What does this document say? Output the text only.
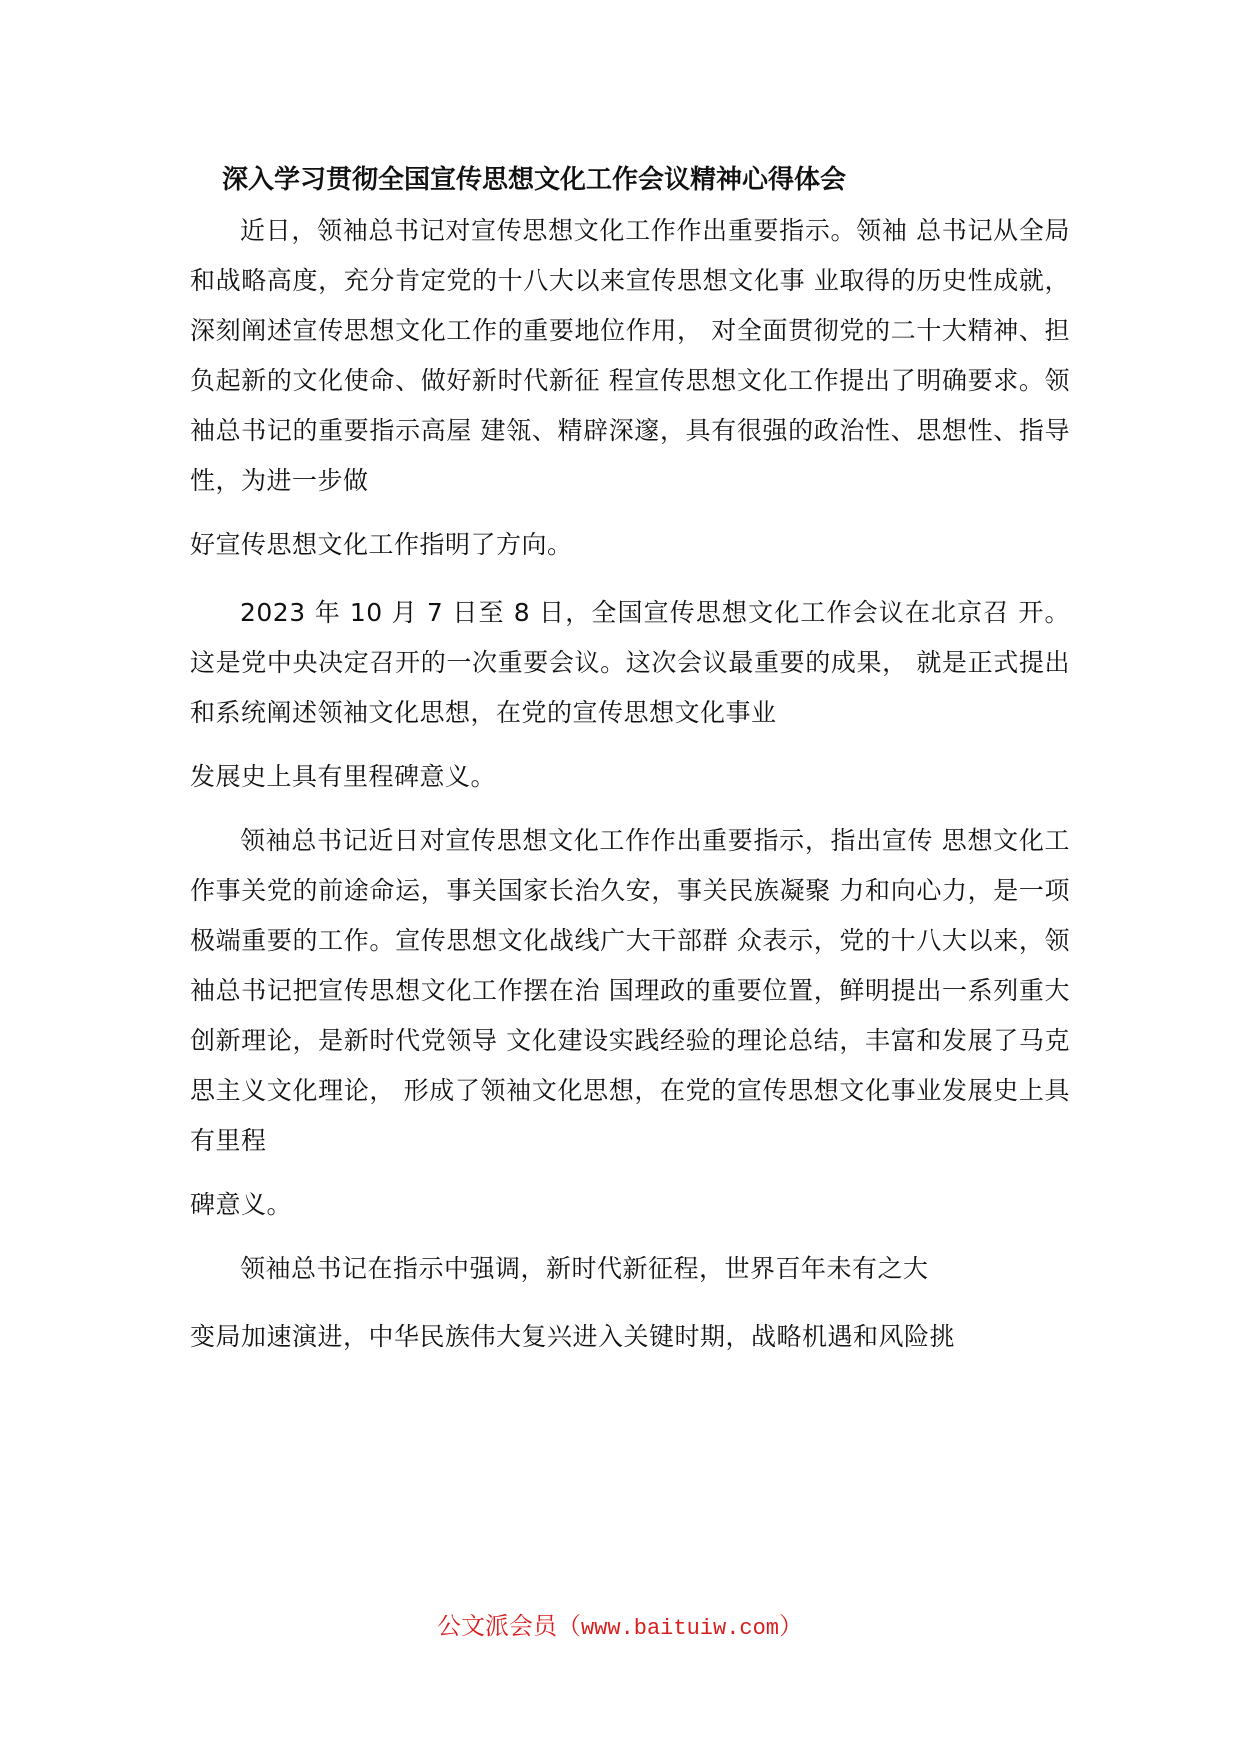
深入学习贯彻全国宣传思想文化工作会议精神心得体会

近日，领袖总书记对宣传思想文化工作作出重要指示。领袖 总书记从全局和战略高度，充分肯定党的十八大以来宣传思想文化事 业取得的历史性成就，深刻阐述宣传思想文化工作的重要地位作用， 对全面贯彻党的二十大精神、担负起新的文化使命、做好新时代新征 程宣传思想文化工作提出了明确要求。领袖总书记的重要指示高屋 建瓴、精辟深邃，具有很强的政治性、思想性、指导性，为进一步做

好宣传思想文化工作指明了方向。

2023 年 10 月 7 日至 8 日，全国宣传思想文化工作会议在北京召 开。这是党中央决定召开的一次重要会议。这次会议最重要的成果， 就是正式提出和系统阐述领袖文化思想，在党的宣传思想文化事业

发展史上具有里程碑意义。

领袖总书记近日对宣传思想文化工作作出重要指示，指出宣传 思想文化工作事关党的前途命运，事关国家长治久安，事关民族凝聚 力和向心力，是一项极端重要的工作。宣传思想文化战线广大干部群 众表示，党的十八大以来，领袖总书记把宣传思想文化工作摆在治 国理政的重要位置，鲜明提出一系列重大创新理论，是新时代党领导 文化建设实践经验的理论总结，丰富和发展了马克思主义文化理论， 形成了领袖文化思想，在党的宣传思想文化事业发展史上具有里程

碑意义。

领袖总书记在指示中强调，新时代新征程，世界百年未有之大

变局加速演进，中华民族伟大复兴进入关键时期，战略机遇和风险挑

公文派会员（www.baituiw.com）
